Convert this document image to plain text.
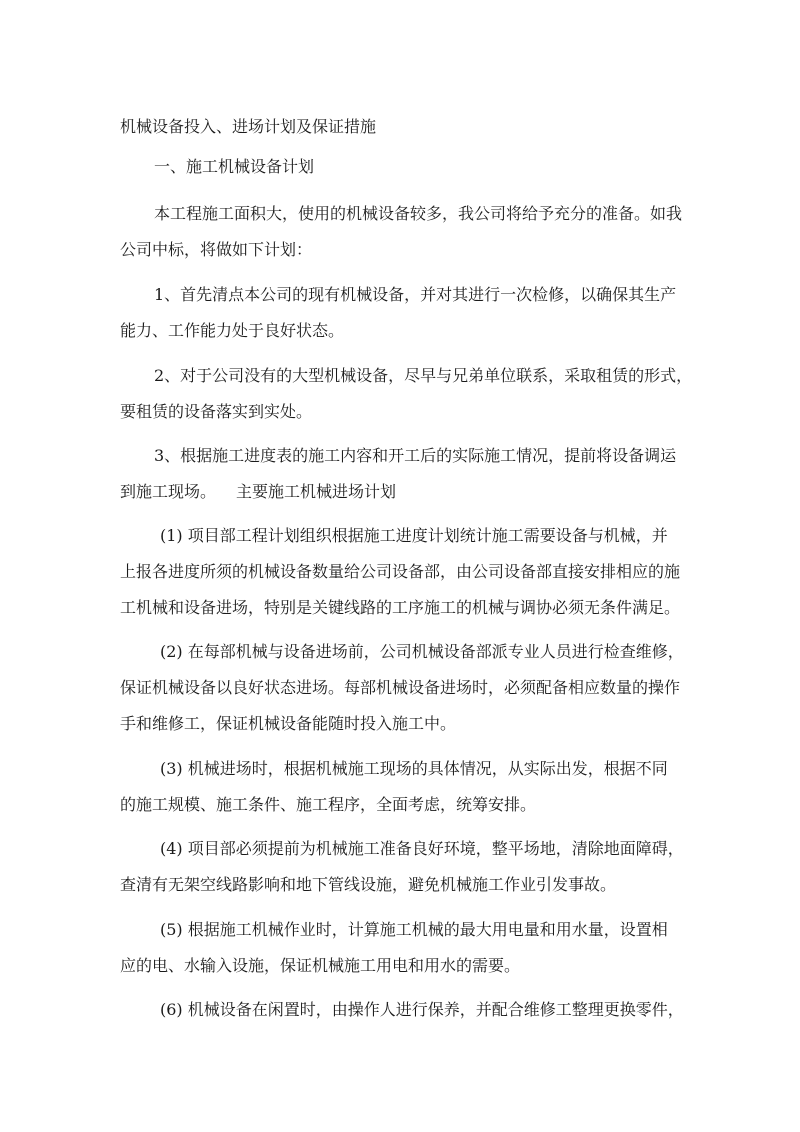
机械设备投入、进场计划及保证措施

一、施工机械设备计划

本工程施工面积大，使用的机械设备较多，我公司将给予充分的准备。如我
公司中标，将做如下计划：

1、首先清点本公司的现有机械设备，并对其进行一次检修，以确保其生产
能力、工作能力处于良好状态。

2、对于公司没有的大型机械设备，尽早与兄弟单位联系，采取租赁的形式，
要租赁的设备落实到实处。

3、根据施工进度表的施工内容和开工后的实际施工情况，提前将设备调运
到施工现场。 主要施工机械进场计划

(1) 项目部工程计划组织根据施工进度计划统计施工需要设备与机械，并
上报各进度所须的机械设备数量给公司设备部，由公司设备部直接安排相应的施
工机械和设备进场，特别是关键线路的工序施工的机械与调协必须无条件满足。

(2) 在每部机械与设备进场前，公司机械设备部派专业人员进行检查维修，
保证机械设备以良好状态进场。每部机械设备进场时，必须配备相应数量的操作
手和维修工，保证机械设备能随时投入施工中。

(3) 机械进场时，根据机械施工现场的具体情况，从实际出发，根据不同
的施工规模、施工条件、施工程序，全面考虑，统筹安排。

(4) 项目部必须提前为机械施工准备良好环境，整平场地，清除地面障碍，
查清有无架空线路影响和地下管线设施，避免机械施工作业引发事故。

(5) 根据施工机械作业时，计算施工机械的最大用电量和用水量，设置相
应的电、水输入设施，保证机械施工用电和用水的需要。

(6) 机械设备在闲置时，由操作人进行保养，并配合维修工整理更换零件，
